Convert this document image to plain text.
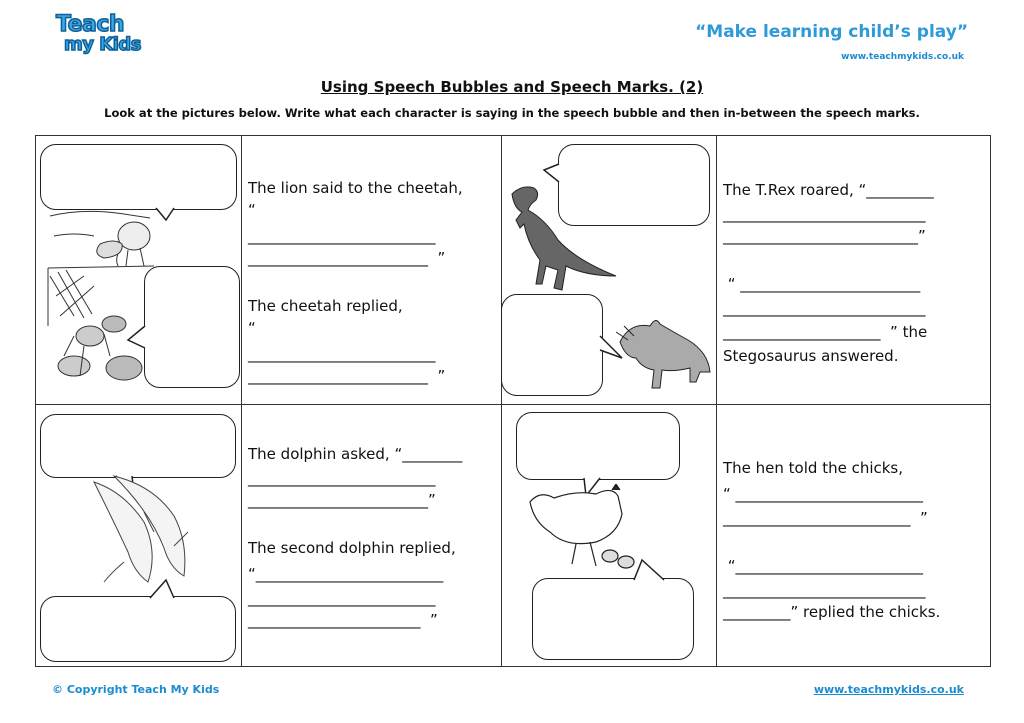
Teach
my Kids
“Make learning child’s play”
www.teachmykids.co.uk
Using Speech Bubbles and Speech Marks. (2)
Look at the pictures below. Write what each character is saying in the speech bubble and then in-between the speech marks.
The lion said to the cheetah,
“
_________________________
________________________  ”
The cheetah replied,
“
_________________________
________________________  ”
The T.Rex roared, “_________
___________________________
__________________________”
“ ________________________
___________________________
_____________________  ” the
Stegosaurus answered.
The dolphin asked, “________
_________________________
________________________”
The second dolphin replied,
“_________________________
_________________________
_______________________  ”
The hen told the chicks,
“ _________________________
_________________________  ”
“_________________________
___________________________
_________” replied the chicks.
© Copyright Teach My Kids	www.teachmykids.co.uk
